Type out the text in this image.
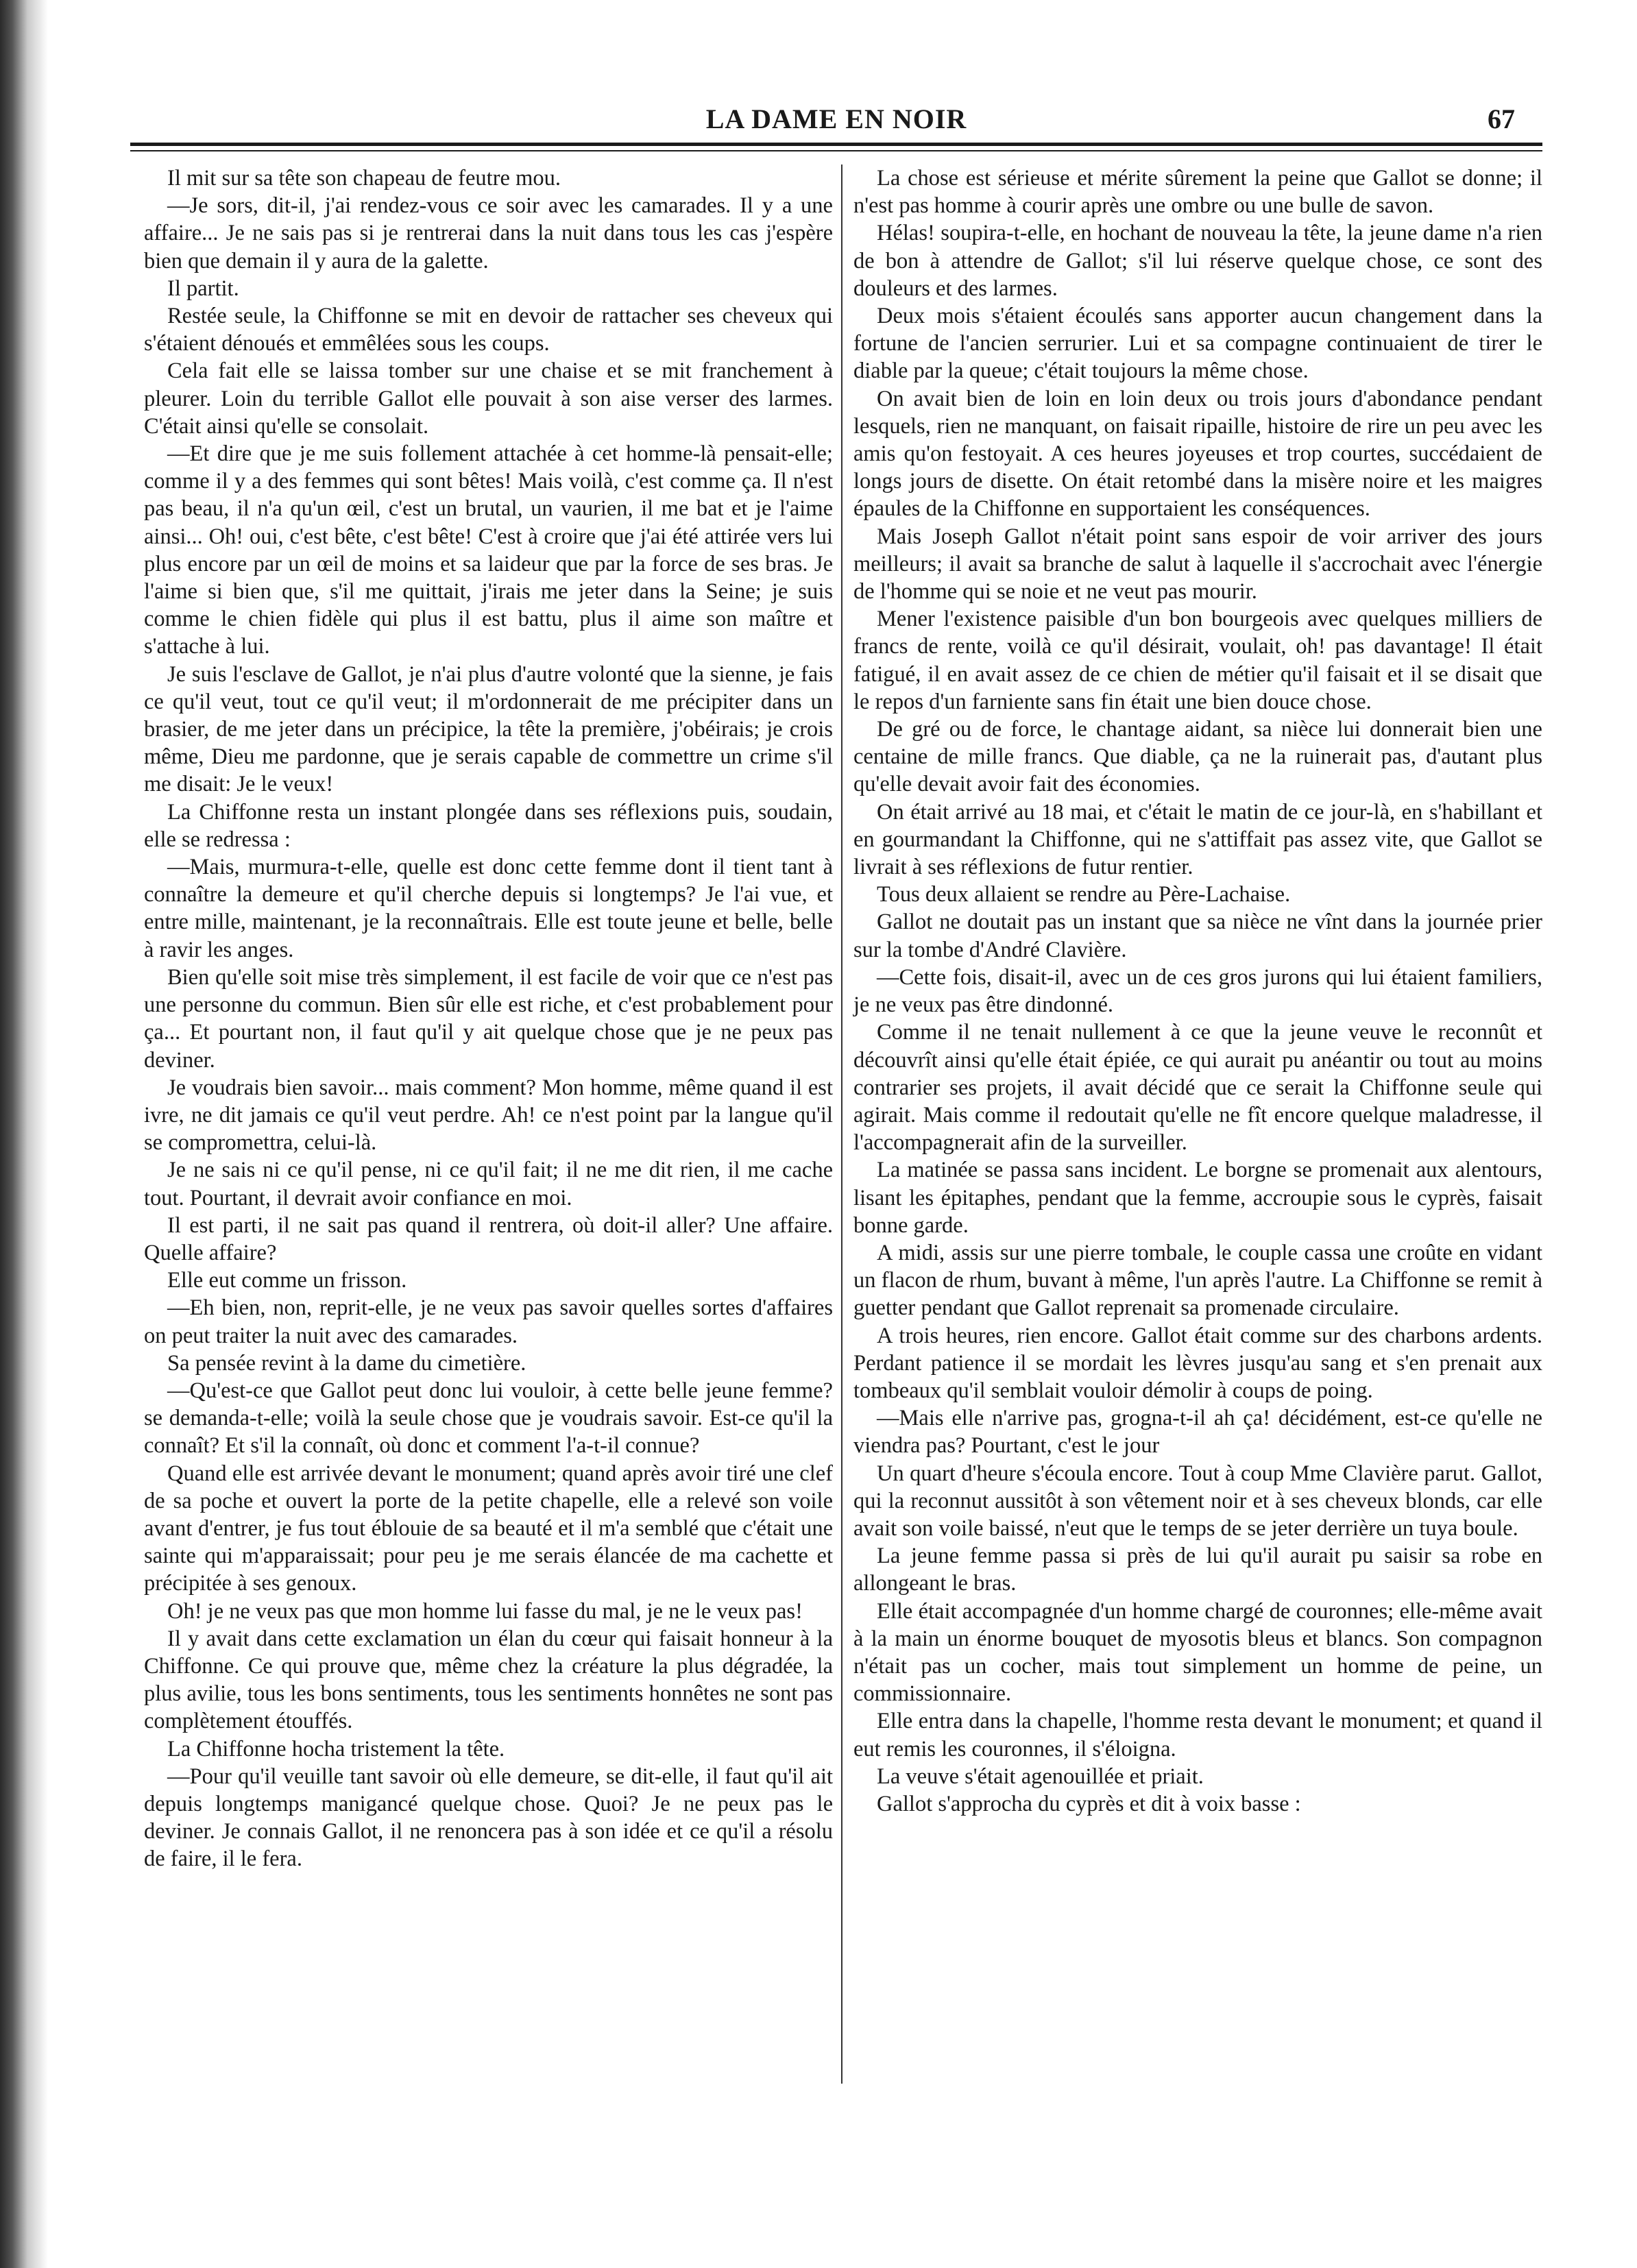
LA DAME EN NOIR	67

Il mit sur sa tête son chapeau de feutre mou.

—Je sors, dit-il, j'ai rendez-vous ce soir avec les camarades. Il y a une affaire... Je ne sais pas si je rentrerai dans la nuit dans tous les cas j'espère bien que demain il y aura de la galette.

Il partit.

Restée seule, la Chiffonne se mit en devoir de rattacher ses cheveux qui s'étaient dénoués et emmêlées sous les coups.

Cela fait elle se laissa tomber sur une chaise et se mit franchement à pleurer. Loin du terrible Gallot elle pouvait à son aise verser des larmes. C'était ainsi qu'elle se consolait.

—Et dire que je me suis follement attachée à cet homme-là pensait-elle; comme il y a des femmes qui sont bêtes! Mais voilà, c'est comme ça. Il n'est pas beau, il n'a qu'un œil, c'est un brutal, un vaurien, il me bat et je l'aime ainsi... Oh! oui, c'est bête, c'est bête! C'est à croire que j'ai été attirée vers lui plus encore par un œil de moins et sa laideur que par la force de ses bras. Je l'aime si bien que, s'il me quittait, j'irais me jeter dans la Seine; je suis comme le chien fidèle qui plus il est battu, plus il aime son maître et s'attache à lui.

Je suis l'esclave de Gallot, je n'ai plus d'autre volonté que la sienne, je fais ce qu'il veut, tout ce qu'il veut; il m'ordonnerait de me précipiter dans un brasier, de me jeter dans un précipice, la tête la première, j'obéirais; je crois même, Dieu me pardonne, que je serais capable de commettre un crime s'il me disait: Je le veux!

La Chiffonne resta un instant plongée dans ses réflexions puis, soudain, elle se redressa :

—Mais, murmura-t-elle, quelle est donc cette femme dont il tient tant à connaître la demeure et qu'il cherche depuis si longtemps? Je l'ai vue, et entre mille, maintenant, je la reconnaîtrais. Elle est toute jeune et belle, belle à ravir les anges.

Bien qu'elle soit mise très simplement, il est facile de voir que ce n'est pas une personne du commun. Bien sûr elle est riche, et c'est probablement pour ça... Et pourtant non, il faut qu'il y ait quelque chose que je ne peux pas deviner.

Je voudrais bien savoir... mais comment? Mon homme, même quand il est ivre, ne dit jamais ce qu'il veut perdre. Ah! ce n'est point par la langue qu'il se compromettra, celui-là.

Je ne sais ni ce qu'il pense, ni ce qu'il fait; il ne me dit rien, il me cache tout. Pourtant, il devrait avoir confiance en moi.

Il est parti, il ne sait pas quand il rentrera, où doit-il aller? Une affaire. Quelle affaire?

Elle eut comme un frisson.

—Eh bien, non, reprit-elle, je ne veux pas savoir quelles sortes d'affaires on peut traiter la nuit avec des camarades.

Sa pensée revint à la dame du cimetière.

—Qu'est-ce que Gallot peut donc lui vouloir, à cette belle jeune femme? se demanda-t-elle; voilà la seule chose que je voudrais savoir. Est-ce qu'il la connaît? Et s'il la connaît, où donc et comment l'a-t-il connue?

Quand elle est arrivée devant le monument; quand après avoir tiré une clef de sa poche et ouvert la porte de la petite chapelle, elle a relevé son voile avant d'entrer, je fus tout éblouie de sa beauté et il m'a semblé que c'était une sainte qui m'apparaissait; pour peu je me serais élancée de ma cachette et précipitée à ses genoux.

Oh! je ne veux pas que mon homme lui fasse du mal, je ne le veux pas!

Il y avait dans cette exclamation un élan du cœur qui faisait honneur à la Chiffonne. Ce qui prouve que, même chez la créature la plus dégradée, la plus avilie, tous les bons sentiments, tous les sentiments honnêtes ne sont pas complètement étouffés.

La Chiffonne hocha tristement la tête.

—Pour qu'il veuille tant savoir où elle demeure, se dit-elle, il faut qu'il ait depuis longtemps manigancé quelque chose. Quoi? Je ne peux pas le deviner. Je connais Gallot, il ne renoncera pas à son idée et ce qu'il a résolu de faire, il le fera.

La chose est sérieuse et mérite sûrement la peine que Gallot se donne; il n'est pas homme à courir après une ombre ou une bulle de savon.

Hélas! soupira-t-elle, en hochant de nouveau la tête, la jeune dame n'a rien de bon à attendre de Gallot; s'il lui réserve quelque chose, ce sont des douleurs et des larmes.

Deux mois s'étaient écoulés sans apporter aucun changement dans la fortune de l'ancien serrurier. Lui et sa compagne continuaient de tirer le diable par la queue; c'était toujours la même chose.

On avait bien de loin en loin deux ou trois jours d'abondance pendant lesquels, rien ne manquant, on faisait ripaille, histoire de rire un peu avec les amis qu'on festoyait. A ces heures joyeuses et trop courtes, succédaient de longs jours de disette. On était retombé dans la misère noire et les maigres épaules de la Chiffonne en supportaient les conséquences.

Mais Joseph Gallot n'était point sans espoir de voir arriver des jours meilleurs; il avait sa branche de salut à laquelle il s'accrochait avec l'énergie de l'homme qui se noie et ne veut pas mourir.

Mener l'existence paisible d'un bon bourgeois avec quelques milliers de francs de rente, voilà ce qu'il désirait, voulait, oh! pas davantage! Il était fatigué, il en avait assez de ce chien de métier qu'il faisait et il se disait que le repos d'un farniente sans fin était une bien douce chose.

De gré ou de force, le chantage aidant, sa nièce lui donnerait bien une centaine de mille francs. Que diable, ça ne la ruinerait pas, d'autant plus qu'elle devait avoir fait des économies.

On était arrivé au 18 mai, et c'était le matin de ce jour-là, en s'habillant et en gourmandant la Chiffonne, qui ne s'attiffait pas assez vite, que Gallot se livrait à ses réflexions de futur rentier.

Tous deux allaient se rendre au Père-Lachaise.

Gallot ne doutait pas un instant que sa nièce ne vînt dans la journée prier sur la tombe d'André Clavière.

—Cette fois, disait-il, avec un de ces gros jurons qui lui étaient familiers, je ne veux pas être dindonné.

Comme il ne tenait nullement à ce que la jeune veuve le reconnût et découvrît ainsi qu'elle était épiée, ce qui aurait pu anéantir ou tout au moins contrarier ses projets, il avait décidé que ce serait la Chiffonne seule qui agirait. Mais comme il redoutait qu'elle ne fît encore quelque maladresse, il l'accompagnerait afin de la surveiller.

La matinée se passa sans incident. Le borgne se promenait aux alentours, lisant les épitaphes, pendant que la femme, accroupie sous le cyprès, faisait bonne garde.

A midi, assis sur une pierre tombale, le couple cassa une croûte en vidant un flacon de rhum, buvant à même, l'un après l'autre. La Chiffonne se remit à guetter pendant que Gallot reprenait sa promenade circulaire.

A trois heures, rien encore. Gallot était comme sur des charbons ardents. Perdant patience il se mordait les lèvres jusqu'au sang et s'en prenait aux tombeaux qu'il semblait vouloir démolir à coups de poing.

—Mais elle n'arrive pas, grogna-t-il ah ça! décidément, est-ce qu'elle ne viendra pas? Pourtant, c'est le jour

Un quart d'heure s'écoula encore. Tout à coup Mme Clavière parut. Gallot, qui la reconnut aussitôt à son vêtement noir et à ses cheveux blonds, car elle avait son voile baissé, n'eut que le temps de se jeter derrière un tuya boule.

La jeune femme passa si près de lui qu'il aurait pu saisir sa robe en allongeant le bras.

Elle était accompagnée d'un homme chargé de couronnes; elle-même avait à la main un énorme bouquet de myosotis bleus et blancs. Son compagnon n'était pas un cocher, mais tout simplement un homme de peine, un commissionnaire.

Elle entra dans la chapelle, l'homme resta devant le monument; et quand il eut remis les couronnes, il s'éloigna.

La veuve s'était agenouillée et priait.

Gallot s'approcha du cyprès et dit à voix basse :
